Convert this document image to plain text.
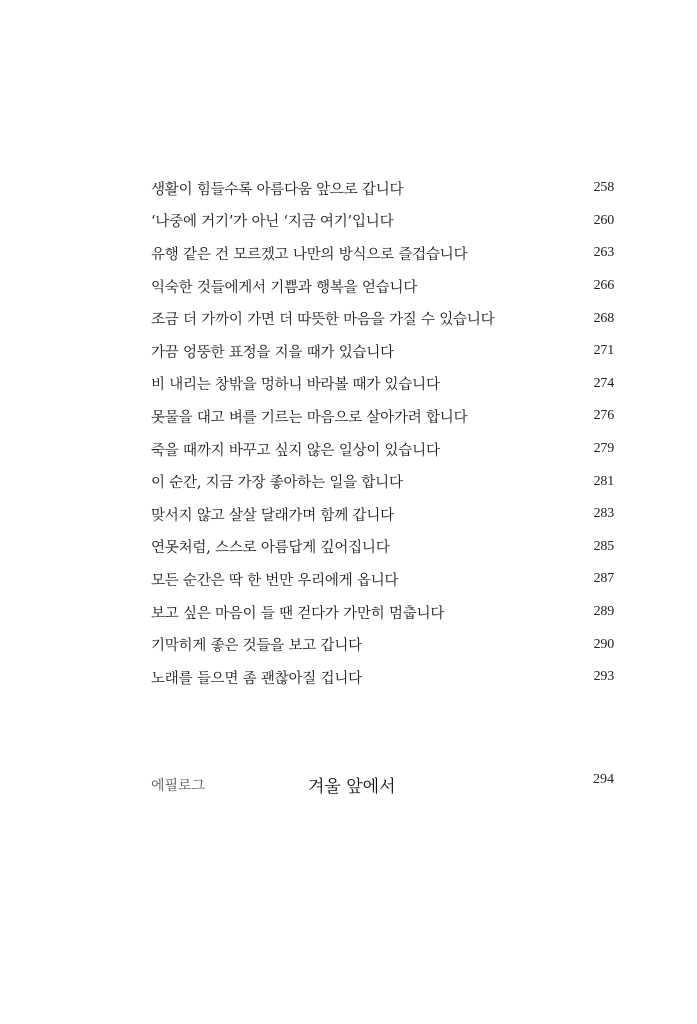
생활이 힘들수록 아름다움 앞으로 갑니다	258
‘나중에 거기’가 아닌 ‘지금 여기’입니다	260
유행 같은 건 모르겠고 나만의 방식으로 즐겁습니다	263
익숙한 것들에게서 기쁨과 행복을 얻습니다	266
조금 더 가까이 가면 더 따뜻한 마음을 가질 수 있습니다	268
가끔 엉뚱한 표정을 지을 때가 있습니다	271
비 내리는 창밖을 멍하니 바라볼 때가 있습니다	274
못물을 대고 벼를 기르는 마음으로 살아가려 합니다	276
죽을 때까지 바꾸고 싶지 않은 일상이 있습니다	279
이 순간, 지금 가장 좋아하는 일을 합니다	281
맞서지 않고 살살 달래가며 함께 갑니다	283
연못처럼, 스스로 아름답게 깊어집니다	285
모든 순간은 딱 한 번만 우리에게 옵니다	287
보고 싶은 마음이 들 땐 걷다가 가만히 멈춥니다	289
기막히게 좋은 것들을 보고 갑니다	290
노래를 들으면 좀 괜찮아질 겁니다	293
에필로그	겨울 앞에서	294
